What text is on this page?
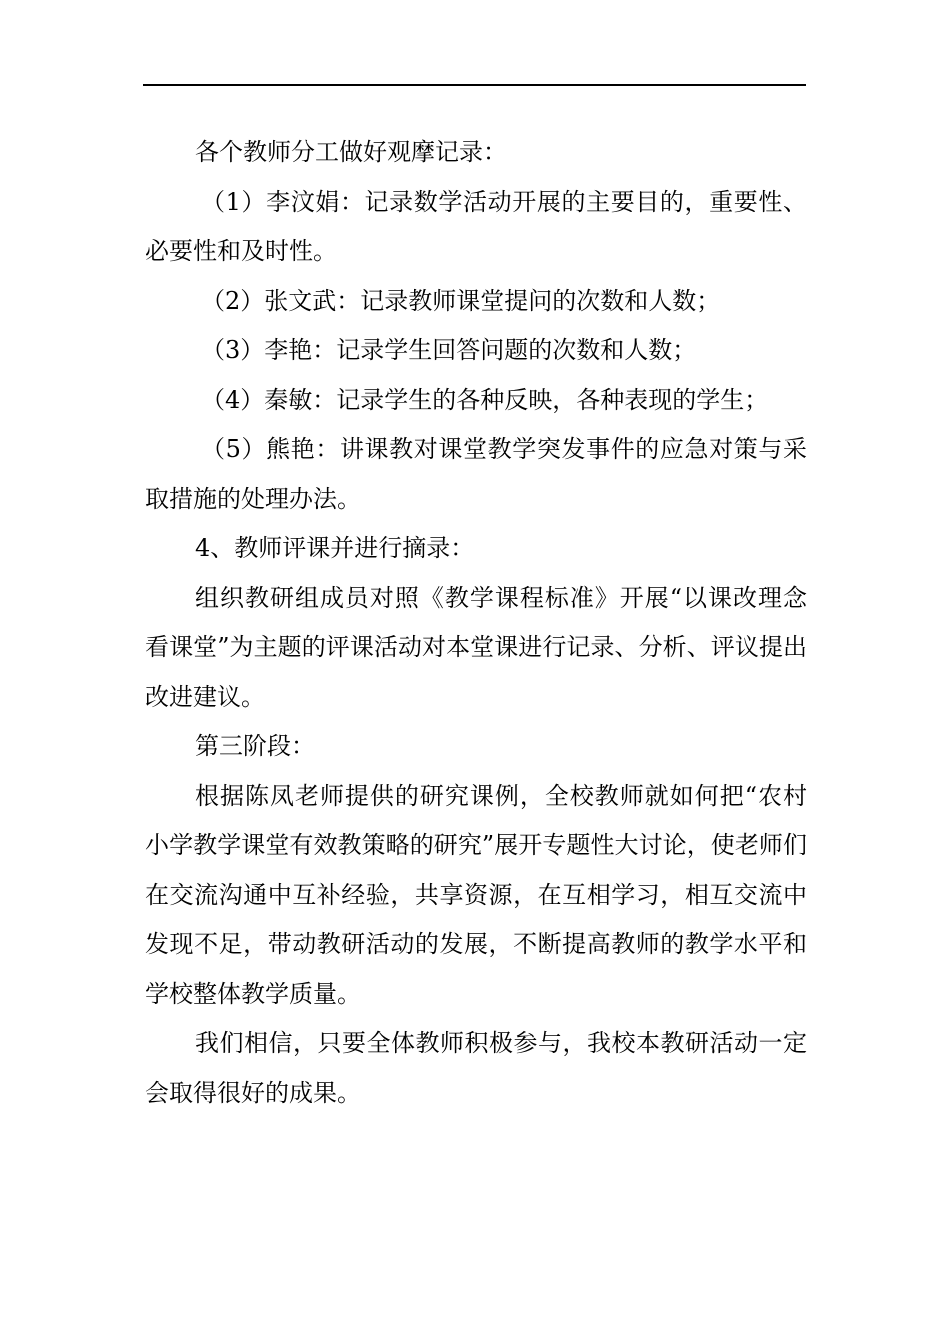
各个教师分工做好观摩记录：

（1）李汶娟：记录数学活动开展的主要目的，重要性、必要性和及时性。

（2）张文武：记录教师课堂提问的次数和人数；

（3）李艳：记录学生回答问题的次数和人数；

（4）秦敏：记录学生的各种反映，各种表现的学生；

（5）熊艳：讲课教对课堂教学突发事件的应急对策与采取措施的处理办法。

4、教师评课并进行摘录：

组织教研组成员对照《教学课程标准》开展“以课改理念看课堂”为主题的评课活动对本堂课进行记录、分析、评议提出改进建议。

第三阶段：

根据陈凤老师提供的研究课例，全校教师就如何把“农村小学教学课堂有效教策略的研究”展开专题性大讨论，使老师们在交流沟通中互补经验，共享资源，在互相学习，相互交流中发现不足，带动教研活动的发展，不断提高教师的教学水平和学校整体教学质量。

我们相信，只要全体教师积极参与，我校本教研活动一定会取得很好的成果。
